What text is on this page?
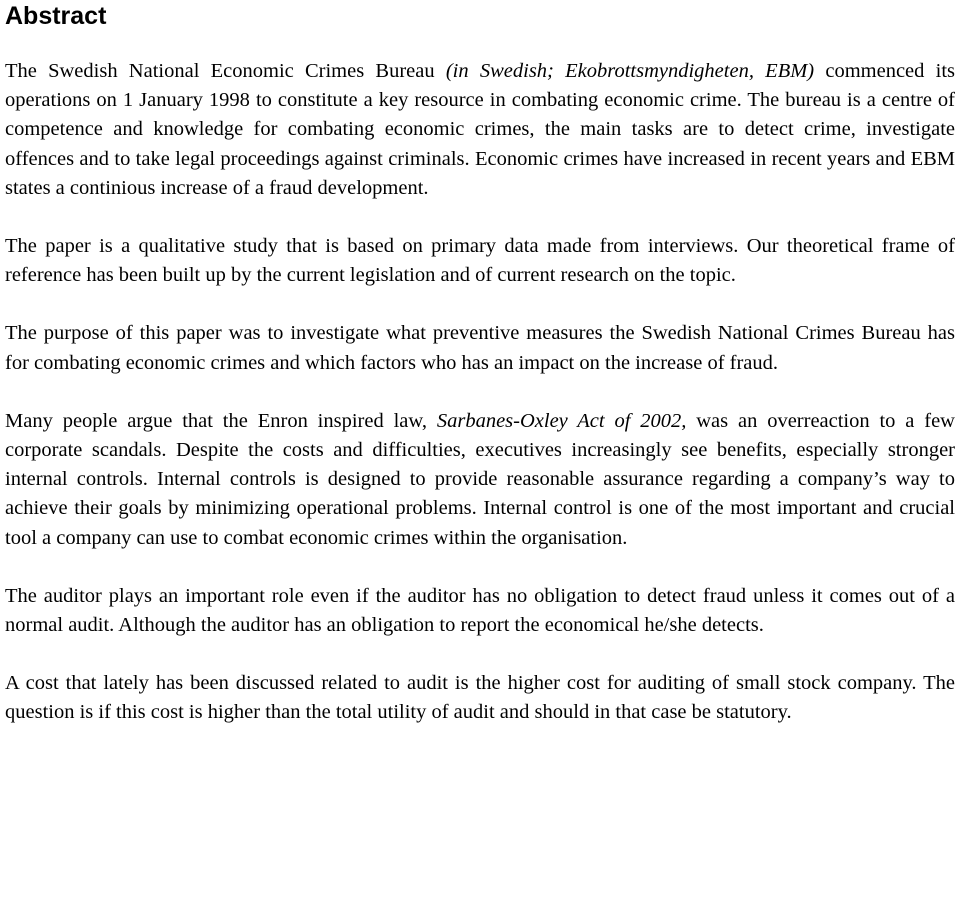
Abstract

The Swedish National Economic Crimes Bureau (in Swedish; Ekobrottsmyndigheten, EBM) commenced its operations on 1 January 1998 to constitute a key resource in combating economic crime. The bureau is a centre of competence and knowledge for combating economic crimes, the main tasks are to detect crime, investigate offences and to take legal proceedings against criminals. Economic crimes have increased in recent years and EBM states a continious increase of a fraud development.

The paper is a qualitative study that is based on primary data made from interviews. Our theoretical frame of reference has been built up by the current legislation and of current research on the topic.

The purpose of this paper was to investigate what preventive measures the Swedish National Crimes Bureau has for combating economic crimes and which factors who has an impact on the increase of fraud.

Many people argue that the Enron inspired law, Sarbanes-Oxley Act of 2002, was an overreaction to a few corporate scandals. Despite the costs and difficulties, executives increasingly see benefits, especially stronger internal controls. Internal controls is designed to provide reasonable assurance regarding a company’s way to achieve their goals by minimizing operational problems. Internal control is one of the most important and crucial tool a company can use to combat economic crimes within the organisation.

The auditor plays an important role even if the auditor has no obligation to detect fraud unless it comes out of a normal audit. Although the auditor has an obligation to report the economical he/she detects.

A cost that lately has been discussed related to audit is the higher cost for auditing of small stock company. The question is if this cost is higher than the total utility of audit and should in that case be statutory.
